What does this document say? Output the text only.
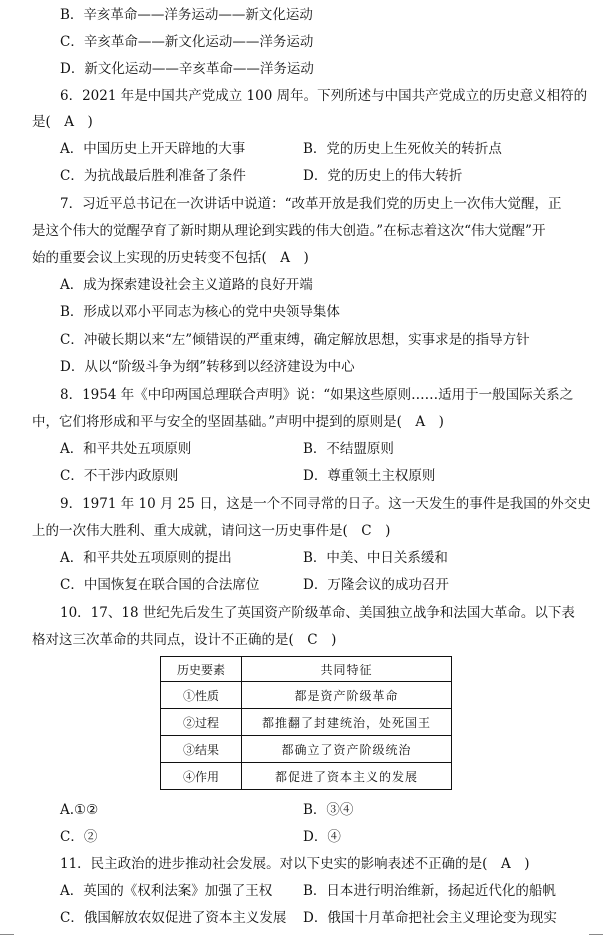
B．辛亥革命——洋务运动——新文化运动
C．辛亥革命——新文化运动——洋务运动
D．新文化运动——辛亥革命——洋务运动
6．2021 年是中国共产党成立 100 周年。下列所述与中国共产党成立的历史意义相符的
是(　A　)
A．中国历史上开天辟地的大事	B．党的历史上生死攸关的转折点
C．为抗战最后胜利准备了条件	D．党的历史上的伟大转折
7．习近平总书记在一次讲话中说道：“改革开放是我们党的历史上一次伟大觉醒，正
是这个伟大的觉醒孕育了新时期从理论到实践的伟大创造。”在标志着这次“伟大觉醒”开
始的重要会议上实现的历史转变不包括(　A　)
A．成为探索建设社会主义道路的良好开端
B．形成以邓小平同志为核心的党中央领导集体
C．冲破长期以来“左”倾错误的严重束缚，确定解放思想，实事求是的指导方针
D．从以“阶级斗争为纲”转移到以经济建设为中心
8．1954 年《中印两国总理联合声明》说：“如果这些原则……适用于一般国际关系之
中，它们将形成和平与安全的坚固基础。”声明中提到的原则是(　A　)
A．和平共处五项原则	B．不结盟原则
C．不干涉内政原则	D．尊重领土主权原则
9．1971 年 10 月 25 日，这是一个不同寻常的日子。这一天发生的事件是我国的外交史
上的一次伟大胜利、重大成就，请问这一历史事件是(　C　)
A．和平共处五项原则的提出	B．中美、中日关系缓和
C．中国恢复在联合国的合法席位	D．万隆会议的成功召开
10．17、18 世纪先后发生了英国资产阶级革命、美国独立战争和法国大革命。以下表
格对这三次革命的共同点，设计不正确的是(　C　)
A.①②	B．③④
C．②	D．④
11．民主政治的进步推动社会发展。对以下史实的影响表述不正确的是(　A　)
A．英国的《权利法案》加强了王权 B．日本进行明治维新，扬起近代化的船帆
C．俄国解放农奴促进了资本主义发展 D．俄国十月革命把社会主义理论变为现实
历史要素	共同特征
①性质	都是资产阶级革命
②过程	都推翻了封建统治，处死国王
③结果	都确立了资产阶级统治
④作用	都促进了资本主义的发展
